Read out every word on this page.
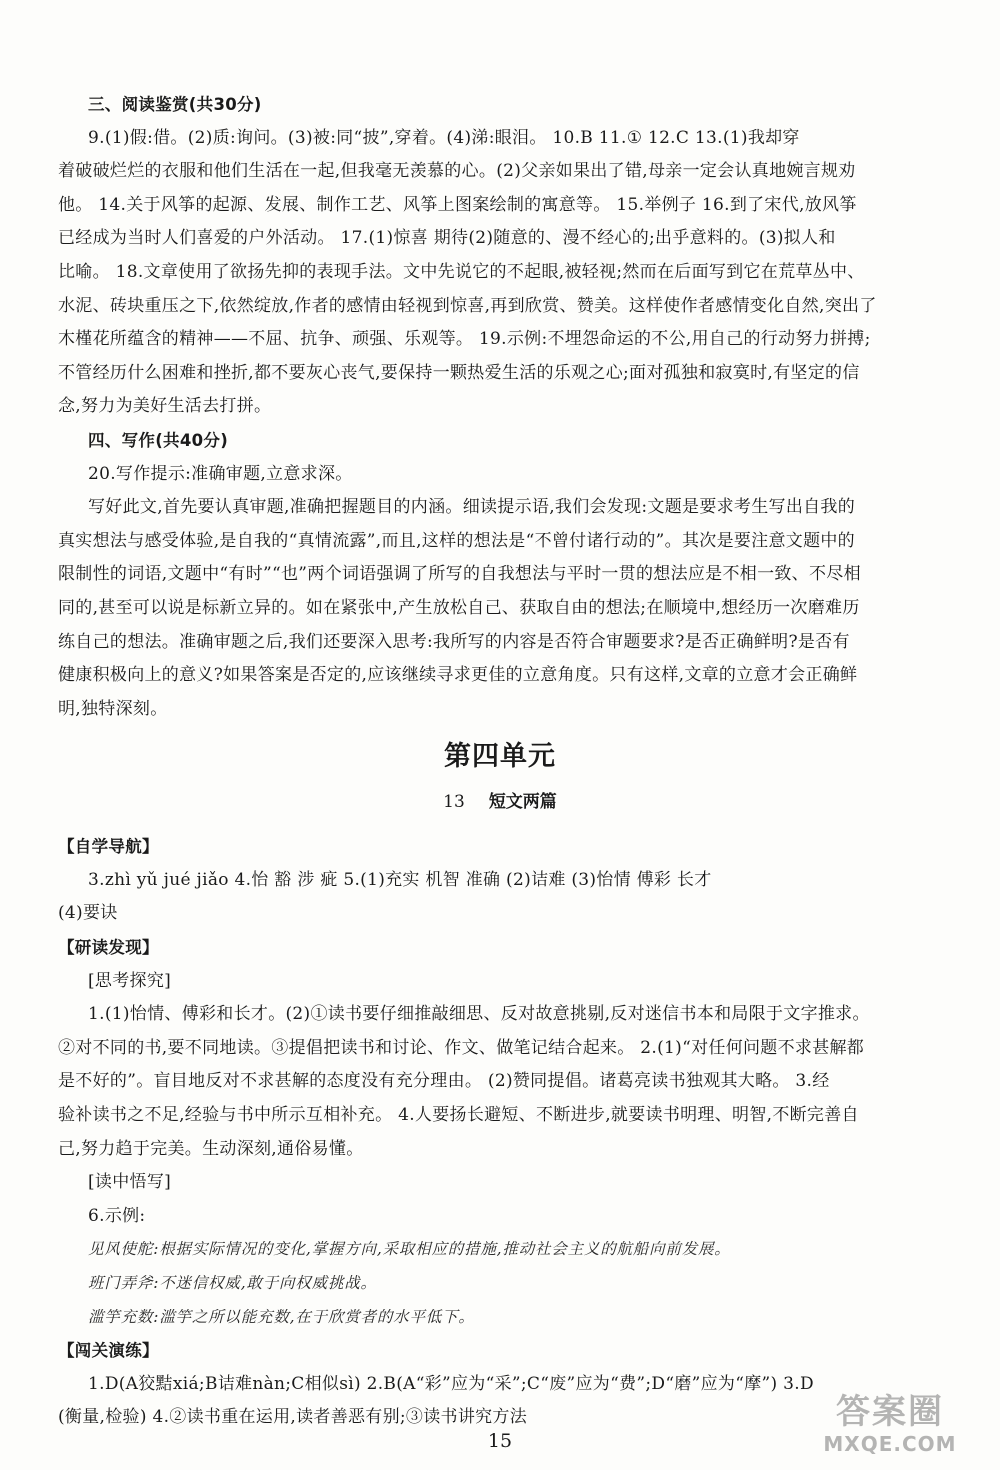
三、阅读鉴赏(共30分)
9.(1)假:借。(2)质:询问。(3)被:同“披”,穿着。(4)涕:眼泪。 10.B 11.① 12.C 13.(1)我却穿
着破破烂烂的衣服和他们生活在一起,但我毫无羡慕的心。(2)父亲如果出了错,母亲一定会认真地婉言规劝
他。 14.关于风筝的起源、发展、制作工艺、风筝上图案绘制的寓意等。 15.举例子 16.到了宋代,放风筝
已经成为当时人们喜爱的户外活动。 17.(1)惊喜 期待(2)随意的、漫不经心的;出乎意料的。(3)拟人和
比喻。 18.文章使用了欲扬先抑的表现手法。文中先说它的不起眼,被轻视;然而在后面写到它在荒草丛中、
水泥、砖块重压之下,依然绽放,作者的感情由轻视到惊喜,再到欣赏、赞美。这样使作者感情变化自然,突出了
木槿花所蕴含的精神——不屈、抗争、顽强、乐观等。 19.示例:不埋怨命运的不公,用自己的行动努力拼搏;
不管经历什么困难和挫折,都不要灰心丧气,要保持一颗热爱生活的乐观之心;面对孤独和寂寞时,有坚定的信
念,努力为美好生活去打拼。
四、写作(共40分)
20.写作提示:准确审题,立意求深。
写好此文,首先要认真审题,准确把握题目的内涵。细读提示语,我们会发现:文题是要求考生写出自我的
真实想法与感受体验,是自我的“真情流露”,而且,这样的想法是“不曾付诸行动的”。其次是要注意文题中的
限制性的词语,文题中“有时”“也”两个词语强调了所写的自我想法与平时一贯的想法应是不相一致、不尽相
同的,甚至可以说是标新立异的。如在紧张中,产生放松自己、获取自由的想法;在顺境中,想经历一次磨难历
练自己的想法。准确审题之后,我们还要深入思考:我所写的内容是否符合审题要求?是否正确鲜明?是否有
健康积极向上的意义?如果答案是否定的,应该继续寻求更佳的立意角度。只有这样,文章的立意才会正确鲜
明,独特深刻。
第四单元
13 短文两篇
【自学导航】
3.zhì yǔ jué jiǎo 4.怡 豁 涉 疵 5.(1)充实 机智 准确 (2)诘难 (3)怡情 傅彩 长才
(4)要诀
【研读发现】
[思考探究]
1.(1)怡情、傅彩和长才。(2)①读书要仔细推敲细思、反对故意挑剔,反对迷信书本和局限于文字推求。
②对不同的书,要不同地读。③提倡把读书和讨论、作文、做笔记结合起来。 2.(1)“对任何问题不求甚解都
是不好的”。盲目地反对不求甚解的态度没有充分理由。 (2)赞同提倡。诸葛亮读书独观其大略。 3.经
验补读书之不足,经验与书中所示互相补充。 4.人要扬长避短、不断进步,就要读书明理、明智,不断完善自
己,努力趋于完美。生动深刻,通俗易懂。
[读中悟写]
6.示例:
见风使舵:根据实际情况的变化,掌握方向,采取相应的措施,推动社会主义的航船向前发展。
班门弄斧:不迷信权威,敢于向权威挑战。
滥竽充数:滥竽之所以能充数,在于欣赏者的水平低下。
【闯关演练】
1.D(A狡黠xiá;B诘难nàn;C相似sì) 2.B(A“彩”应为“采”;C“废”应为“费”;D“磨”应为“摩”) 3.D
(衡量,检验) 4.②读书重在运用,读者善恶有别;③读书讲究方法
15
答案圈
MXQE.COM
